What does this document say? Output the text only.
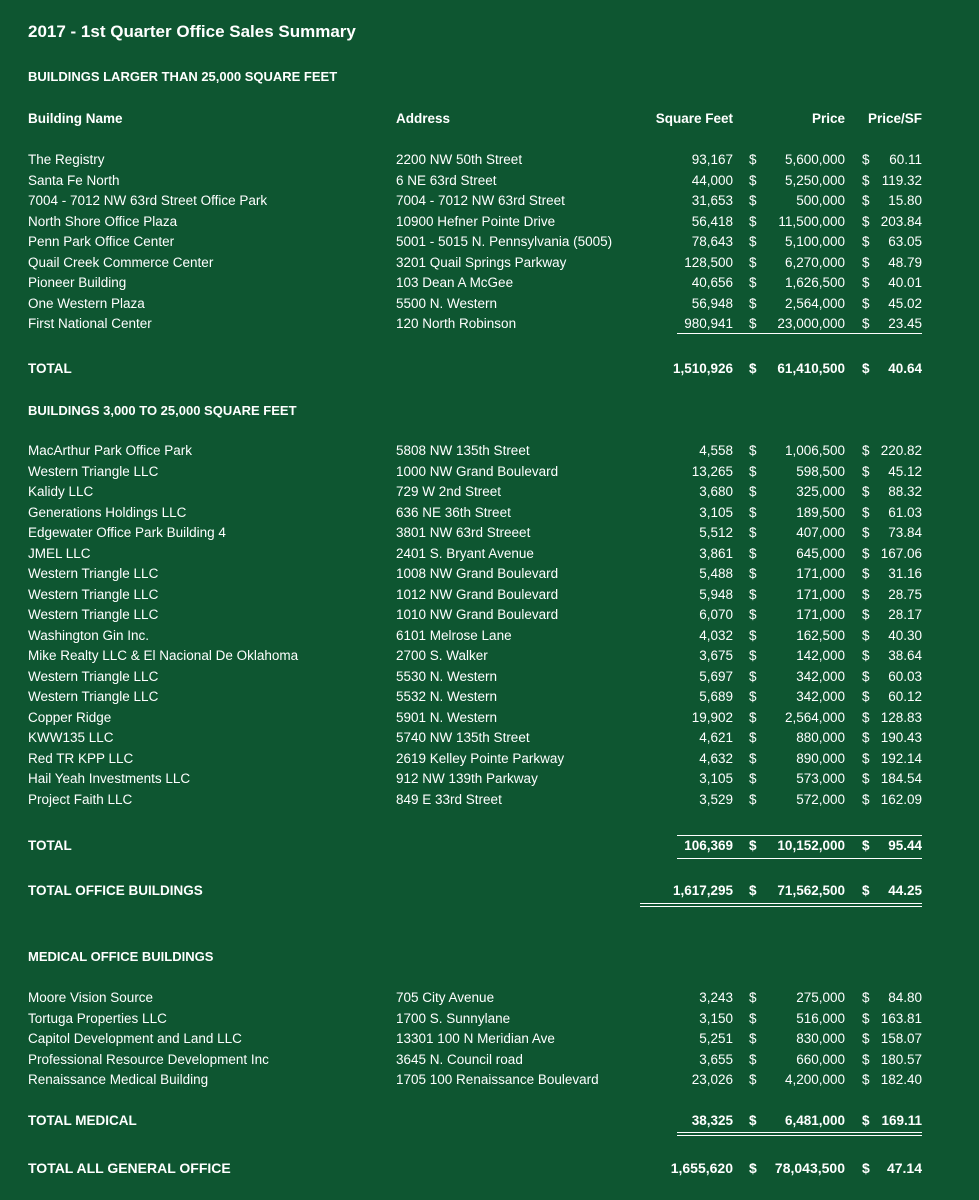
2017 - 1st Quarter Office Sales Summary
BUILDINGS LARGER THAN 25,000 SQUARE FEET
Building Name	Address	Square Feet	Price Price/SF
The Registry	2200 NW 50th Street	93,167 $ 5,600,000 $ 60.11
Santa Fe North	6 NE 63rd Street	44,000 $ 5,250,000 $ 119.32
7004 - 7012 NW 63rd Street Office Park	7004 - 7012 NW 63rd Street	31,653 $	500,000 $ 15.80
North Shore Office Plaza	10900 Hefner Pointe Drive	56,418 $ 11,500,000 $ 203.84
Penn Park Office Center	5001 - 5015 N. Pennsylvania (5005)	78,643 $ 5,100,000 $ 63.05
Quail Creek Commerce Center	3201 Quail Springs Parkway	128,500 $ 6,270,000 $ 48.79
Pioneer Building	103 Dean A McGee	40,656 $ 1,626,500 $ 40.01
One Western Plaza	5500 N. Western	56,948 $ 2,564,000 $ 45.02
First National Center	120 North Robinson	980,941 $ 23,000,000 $ 23.45
TOTAL	1,510,926 $ 61,410,500 $ 40.64
BUILDINGS 3,000 TO 25,000 SQUARE FEET
MacArthur Park Office Park	5808 NW 135th Street	4,558 $ 1,006,500 $ 220.82
Western Triangle LLC	1000 NW Grand Boulevard	13,265 $	598,500 $ 45.12
Kalidy LLC	729 W 2nd Street	3,680 $	325,000 $ 88.32
Generations Holdings LLC	636 NE 36th Street	3,105 $	189,500 $ 61.03
Edgewater Office Park Building 4	3801 NW 63rd Streeet	5,512 $	407,000 $ 73.84
JMEL LLC	2401 S. Bryant Avenue	3,861 $	645,000 $ 167.06
Western Triangle LLC	1008 NW Grand Boulevard	5,488 $	171,000 $ 31.16
Western Triangle LLC	1012 NW Grand Boulevard	5,948 $	171,000 $ 28.75
Western Triangle LLC	1010 NW Grand Boulevard	6,070 $	171,000 $ 28.17
Washington Gin Inc.	6101 Melrose Lane	4,032 $	162,500 $ 40.30
Mike Realty LLC & El Nacional De Oklahoma	2700 S. Walker	3,675 $	142,000 $ 38.64
Western Triangle LLC	5530 N. Western	5,697 $	342,000 $ 60.03
Western Triangle LLC	5532 N. Western	5,689 $	342,000 $ 60.12
Copper Ridge	5901 N. Western	19,902 $ 2,564,000 $ 128.83
KWW135 LLC	5740 NW 135th Street	4,621 $	880,000 $ 190.43
Red TR KPP LLC	2619 Kelley Pointe Parkway	4,632 $	890,000 $ 192.14
Hail Yeah Investments LLC	912 NW 139th Parkway	3,105 $	573,000 $ 184.54
Project Faith LLC	849 E 33rd Street	3,529 $	572,000 $ 162.09
TOTAL	106,369 $ 10,152,000 $ 95.44
TOTAL OFFICE BUILDINGS	1,617,295 $ 71,562,500 $ 44.25
MEDICAL OFFICE BUILDINGS
Moore Vision Source	705 City Avenue	3,243 $	275,000 $ 84.80
Tortuga Properties LLC	1700 S. Sunnylane	3,150 $	516,000 $ 163.81
Capitol Development and Land LLC	13301 100 N Meridian Ave	5,251 $	830,000 $ 158.07
Professional Resource Development Inc	3645 N. Council road	3,655 $	660,000 $ 180.57
Renaissance Medical Building	1705 100 Renaissance Boulevard	23,026 $ 4,200,000 $ 182.40
TOTAL MEDICAL	38,325 $ 6,481,000 $ 169.11
TOTAL ALL GENERAL OFFICE	1,655,620 $ 78,043,500 $ 47.14
